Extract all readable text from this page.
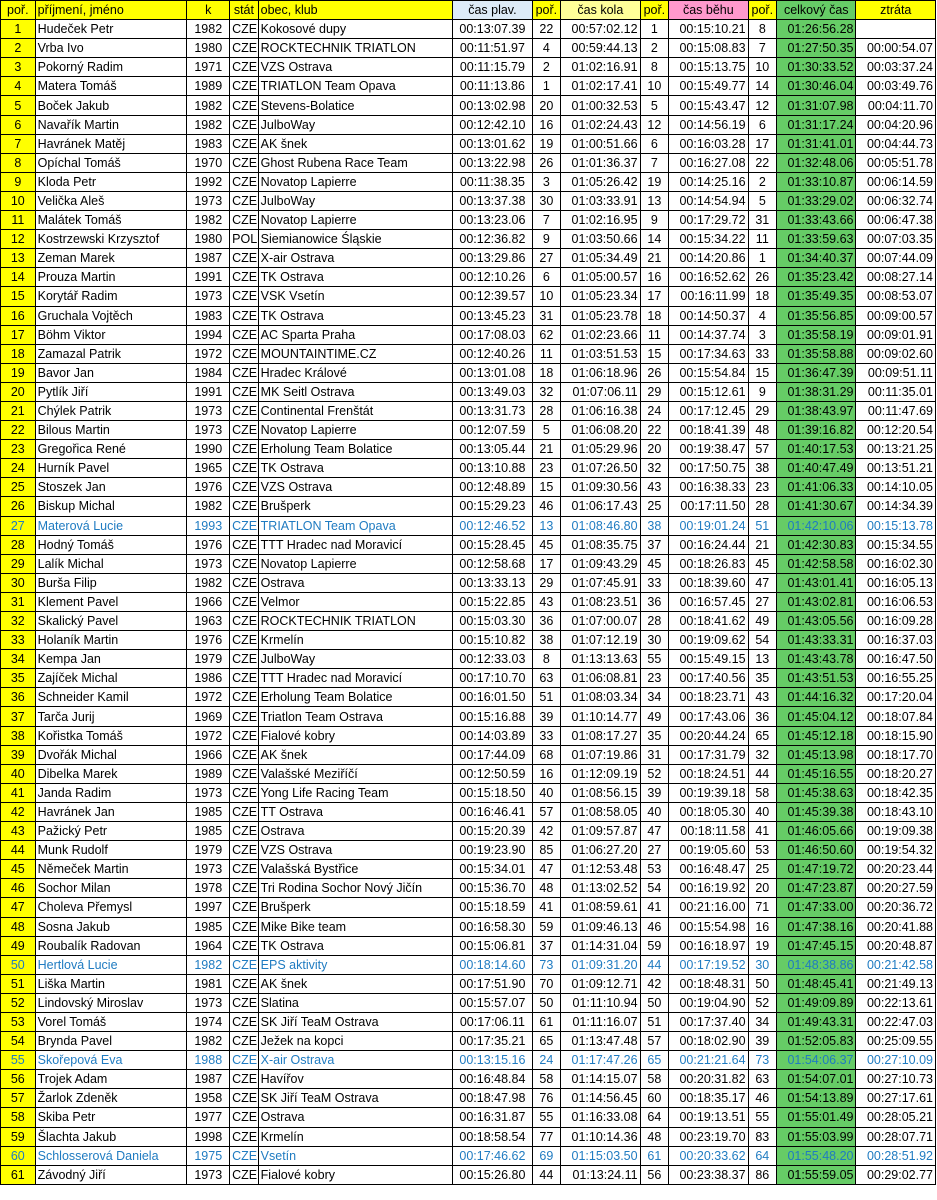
poř.	příjmení, jméno	k	stát	obec, klub	čas plav.	poř.	čas kola	poř.	čas běhu	poř.	celkový čas	ztráta
1	Hudeček Petr	1982	CZE	Kokosové dupy	00:13:07.39	22	00:57:02.12	1	00:15:10.21	8	01:26:56.28	
2	Vrba Ivo	1980	CZE	ROCKTECHNIK TRIATLON	00:11:51.97	4	00:59:44.13	2	00:15:08.83	7	01:27:50.35	00:00:54.07
3	Pokorný Radim	1971	CZE	VZS Ostrava	00:11:15.79	2	01:02:16.91	8	00:15:13.75	10	01:30:33.52	00:03:37.24
4	Matera Tomáš	1989	CZE	TRIATLON Team Opava	00:11:13.86	1	01:02:17.41	10	00:15:49.77	14	01:30:46.04	00:03:49.76
5	Boček Jakub	1982	CZE	Stevens-Bolatice	00:13:02.98	20	01:00:32.53	5	00:15:43.47	12	01:31:07.98	00:04:11.70
6	Navařík Martin	1982	CZE	JulboWay	00:12:42.10	16	01:02:24.43	12	00:14:56.19	6	01:31:17.24	00:04:20.96
7	Havránek Matěj	1983	CZE	AK šnek	00:13:01.62	19	01:00:51.66	6	00:16:03.28	17	01:31:41.01	00:04:44.73
8	Opíchal Tomáš	1970	CZE	Ghost Rubena Race Team	00:13:22.98	26	01:01:36.37	7	00:16:27.08	22	01:32:48.06	00:05:51.78
9	Kloda Petr	1992	CZE	Novatop Lapierre	00:11:38.35	3	01:05:26.42	19	00:14:25.16	2	01:33:10.87	00:06:14.59
10	Velička Aleš	1973	CZE	JulboWay	00:13:37.38	30	01:03:33.91	13	00:14:54.94	5	01:33:29.02	00:06:32.74
11	Malátek Tomáš	1982	CZE	Novatop Lapierre	00:13:23.06	7	01:02:16.95	9	00:17:29.72	31	01:33:43.66	00:06:47.38
12	Kostrzewski Krzysztof	1980	POL	Siemianowice Śląskie	00:12:36.82	9	01:03:50.66	14	00:15:34.22	11	01:33:59.63	00:07:03.35
13	Zeman Marek	1987	CZE	X-air Ostrava	00:13:29.86	27	01:05:34.49	21	00:14:20.86	1	01:34:40.37	00:07:44.09
14	Prouza Martin	1991	CZE	TK Ostrava	00:12:10.26	6	01:05:00.57	16	00:16:52.62	26	01:35:23.42	00:08:27.14
15	Korytář Radim	1973	CZE	VSK Vsetín	00:12:39.57	10	01:05:23.34	17	00:16:11.99	18	01:35:49.35	00:08:53.07
16	Gruchala Vojtěch	1983	CZE	TK Ostrava	00:13:45.23	31	01:05:23.78	18	00:14:50.37	4	01:35:56.85	00:09:00.57
17	Böhm Viktor	1994	CZE	AC Sparta Praha	00:17:08.03	62	01:02:23.66	11	00:14:37.74	3	01:35:58.19	00:09:01.91
18	Zamazal Patrik	1972	CZE	MOUNTAINTIME.CZ	00:12:40.26	11	01:03:51.53	15	00:17:34.63	33	01:35:58.88	00:09:02.60
19	Bavor Jan	1984	CZE	Hradec Králové	00:13:01.08	18	01:06:18.96	26	00:15:54.84	15	01:36:47.39	00:09:51.11
20	Pytlík Jiří	1991	CZE	MK Seitl Ostrava	00:13:49.03	32	01:07:06.11	29	00:15:12.61	9	01:38:31.29	00:11:35.01
21	Chýlek Patrik	1973	CZE	Continental Frenštát	00:13:31.73	28	01:06:16.38	24	00:17:12.45	29	01:38:43.97	00:11:47.69
22	Bilous Martin	1973	CZE	Novatop Lapierre	00:12:07.59	5	01:06:08.20	22	00:18:41.39	48	01:39:16.82	00:12:20.54
23	Gregořica René	1990	CZE	Erholung Team Bolatice	00:13:05.44	21	01:05:29.96	20	00:19:38.47	57	01:40:17.53	00:13:21.25
24	Hurník Pavel	1965	CZE	TK Ostrava	00:13:10.88	23	01:07:26.50	32	00:17:50.75	38	01:40:47.49	00:13:51.21
25	Stoszek Jan	1976	CZE	VZS Ostrava	00:12:48.89	15	01:09:30.56	43	00:16:38.33	23	01:41:06.33	00:14:10.05
26	Biskup Michal	1982	CZE	Brušperk	00:15:29.23	46	01:06:17.43	25	00:17:11.50	28	01:41:30.67	00:14:34.39
27	Materová Lucie	1993	CZE	TRIATLON Team Opava	00:12:46.52	13	01:08:46.80	38	00:19:01.24	51	01:42:10.06	00:15:13.78
28	Hodný Tomáš	1976	CZE	TTT Hradec nad Moravicí	00:15:28.45	45	01:08:35.75	37	00:16:24.44	21	01:42:30.83	00:15:34.55
29	Lalík Michal	1973	CZE	Novatop Lapierre	00:12:58.68	17	01:09:43.29	45	00:18:26.83	45	01:42:58.58	00:16:02.30
30	Burša Filip	1982	CZE	Ostrava	00:13:33.13	29	01:07:45.91	33	00:18:39.60	47	01:43:01.41	00:16:05.13
31	Klement Pavel	1966	CZE	Velmor	00:15:22.85	43	01:08:23.51	36	00:16:57.45	27	01:43:02.81	00:16:06.53
32	Skalický Pavel	1963	CZE	ROCKTECHNIK TRIATLON	00:15:03.30	36	01:07:00.07	28	00:18:41.62	49	01:43:05.56	00:16:09.28
33	Holaník Martin	1976	CZE	Krmelín	00:15:10.82	38	01:07:12.19	30	00:19:09.62	54	01:43:33.31	00:16:37.03
34	Kempa Jan	1979	CZE	JulboWay	00:12:33.03	8	01:13:13.63	55	00:15:49.15	13	01:43:43.78	00:16:47.50
35	Zajíček Michal	1986	CZE	TTT Hradec nad Moravicí	00:17:10.70	63	01:06:08.81	23	00:17:40.56	35	01:43:51.53	00:16:55.25
36	Schneider Kamil	1972	CZE	Erholung Team Bolatice	00:16:01.50	51	01:08:03.34	34	00:18:23.71	43	01:44:16.32	00:17:20.04
37	Tarča Jurij	1969	CZE	Triatlon Team Ostrava	00:15:16.88	39	01:10:14.77	49	00:17:43.06	36	01:45:04.12	00:18:07.84
38	Kořistka Tomáš	1972	CZE	Fialové kobry	00:14:03.89	33	01:08:17.27	35	00:20:44.24	65	01:45:12.18	00:18:15.90
39	Dvořák Michal	1966	CZE	AK šnek	00:17:44.09	68	01:07:19.86	31	00:17:31.79	32	01:45:13.98	00:18:17.70
40	Dibelka Marek	1989	CZE	Valašské Meziříčí	00:12:50.59	16	01:12:09.19	52	00:18:24.51	44	01:45:16.55	00:18:20.27
41	Janda Radim	1973	CZE	Yong Life Racing Team	00:15:18.50	40	01:08:56.15	39	00:19:39.18	58	01:45:38.63	00:18:42.35
42	Havránek Jan	1985	CZE	TT Ostrava	00:16:46.41	57	01:08:58.05	40	00:18:05.30	40	01:45:39.38	00:18:43.10
43	Pažický Petr	1985	CZE	Ostrava	00:15:20.39	42	01:09:57.87	47	00:18:11.58	41	01:46:05.66	00:19:09.38
44	Munk Rudolf	1979	CZE	VZS Ostrava	00:19:23.90	85	01:06:27.20	27	00:19:05.60	53	01:46:50.60	00:19:54.32
45	Němeček Martin	1973	CZE	Valašská Bystřice	00:15:34.01	47	01:12:53.48	53	00:16:48.47	25	01:47:19.72	00:20:23.44
46	Sochor Milan	1978	CZE	Tri Rodina Sochor Nový Jičín	00:15:36.70	48	01:13:02.52	54	00:16:19.92	20	01:47:23.87	00:20:27.59
47	Choleva Přemysl	1997	CZE	Brušperk	00:15:18.59	41	01:08:59.61	41	00:21:16.00	71	01:47:33.00	00:20:36.72
48	Sosna Jakub	1985	CZE	Mike Bike team	00:16:58.30	59	01:09:46.13	46	00:15:54.98	16	01:47:38.16	00:20:41.88
49	Roubalík Radovan	1964	CZE	TK Ostrava	00:15:06.81	37	01:14:31.04	59	00:16:18.97	19	01:47:45.15	00:20:48.87
50	Hertlová Lucie	1982	CZE	EPS aktivity	00:18:14.60	73	01:09:31.20	44	00:17:19.52	30	01:48:38.86	00:21:42.58
51	Liška Martin	1981	CZE	AK šnek	00:17:51.90	70	01:09:12.71	42	00:18:48.31	50	01:48:45.41	00:21:49.13
52	Lindovský Miroslav	1973	CZE	Slatina	00:15:57.07	50	01:11:10.94	50	00:19:04.90	52	01:49:09.89	00:22:13.61
53	Vorel Tomáš	1974	CZE	SK Jiří TeaM Ostrava	00:17:06.11	61	01:11:16.07	51	00:17:37.40	34	01:49:43.31	00:22:47.03
54	Brynda Pavel	1982	CZE	Ježek na kopci	00:17:35.21	65	01:13:47.48	57	00:18:02.90	39	01:52:05.83	00:25:09.55
55	Skořepová Eva	1988	CZE	X-air Ostrava	00:13:15.16	24	01:17:47.26	65	00:21:21.64	73	01:54:06.37	00:27:10.09
56	Trojek Adam	1987	CZE	Havířov	00:16:48.84	58	01:14:15.07	58	00:20:31.82	63	01:54:07.01	00:27:10.73
57	Žarlok Zdeněk	1958	CZE	SK Jiří TeaM Ostrava	00:18:47.98	76	01:14:56.45	60	00:18:35.17	46	01:54:13.89	00:27:17.61
58	Skiba Petr	1977	CZE	Ostrava	00:16:31.87	55	01:16:33.08	64	00:19:13.51	55	01:55:01.49	00:28:05.21
59	Šlachta Jakub	1998	CZE	Krmelín	00:18:58.54	77	01:10:14.36	48	00:23:19.70	83	01:55:03.99	00:28:07.71
60	Schlosserová Daniela	1975	CZE	Vsetín	00:17:46.62	69	01:15:03.50	61	00:20:33.62	64	01:55:48.20	00:28:51.92
61	Závodný Jiří	1973	CZE	Fialové kobry	00:15:26.80	44	01:13:24.11	56	00:23:38.37	86	01:55:59.05	00:29:02.77
